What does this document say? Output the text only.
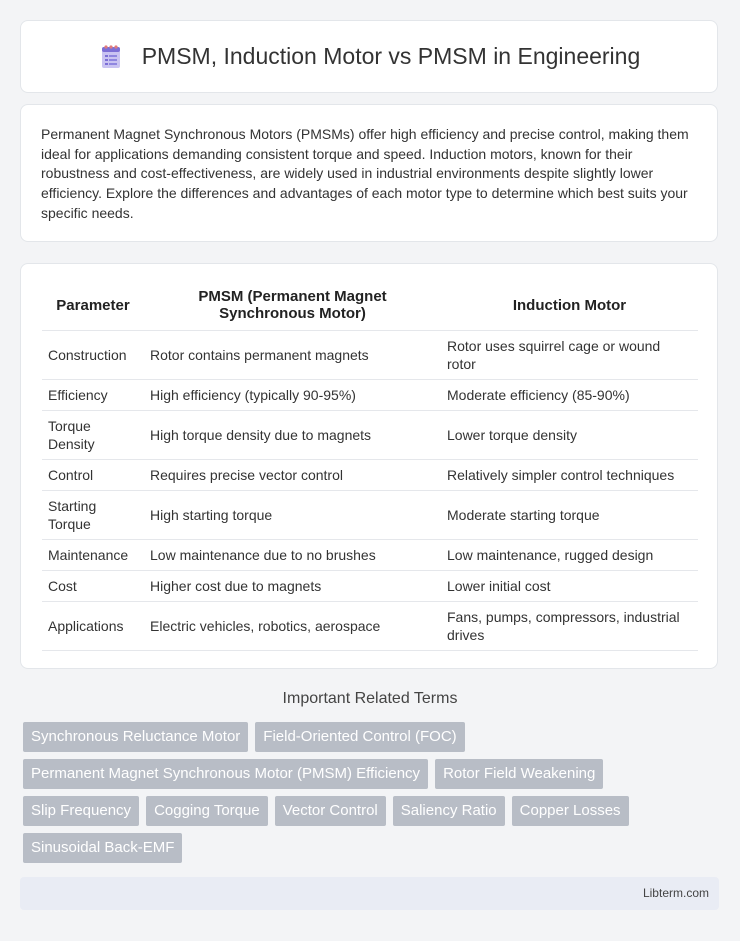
PMSM, Induction Motor vs PMSM in Engineering

Permanent Magnet Synchronous Motors (PMSMs) offer high efficiency and precise control, making them ideal for applications demanding consistent torque and speed. Induction motors, known for their robustness and cost-effectiveness, are widely used in industrial environments despite slightly lower efficiency. Explore the differences and advantages of each motor type to determine which best suits your specific needs.

Parameter	PMSM (Permanent Magnet Synchronous Motor)	Induction Motor
Construction	Rotor contains permanent magnets	Rotor uses squirrel cage or wound rotor
Efficiency	High efficiency (typically 90-95%)	Moderate efficiency (85-90%)
Torque Density	High torque density due to magnets	Lower torque density
Control	Requires precise vector control	Relatively simpler control techniques
Starting Torque	High starting torque	Moderate starting torque
Maintenance	Low maintenance due to no brushes	Low maintenance, rugged design
Cost	Higher cost due to magnets	Lower initial cost
Applications	Electric vehicles, robotics, aerospace	Fans, pumps, compressors, industrial drives
Important Related Terms
Synchronous Reluctance Motor	Field-Oriented Control (FOC)
Permanent Magnet Synchronous Motor (PMSM) Efficiency	Rotor Field Weakening
Slip Frequency	Cogging Torque	Vector Control	Saliency Ratio	Copper Losses
Sinusoidal Back-EMF
Libterm.com
